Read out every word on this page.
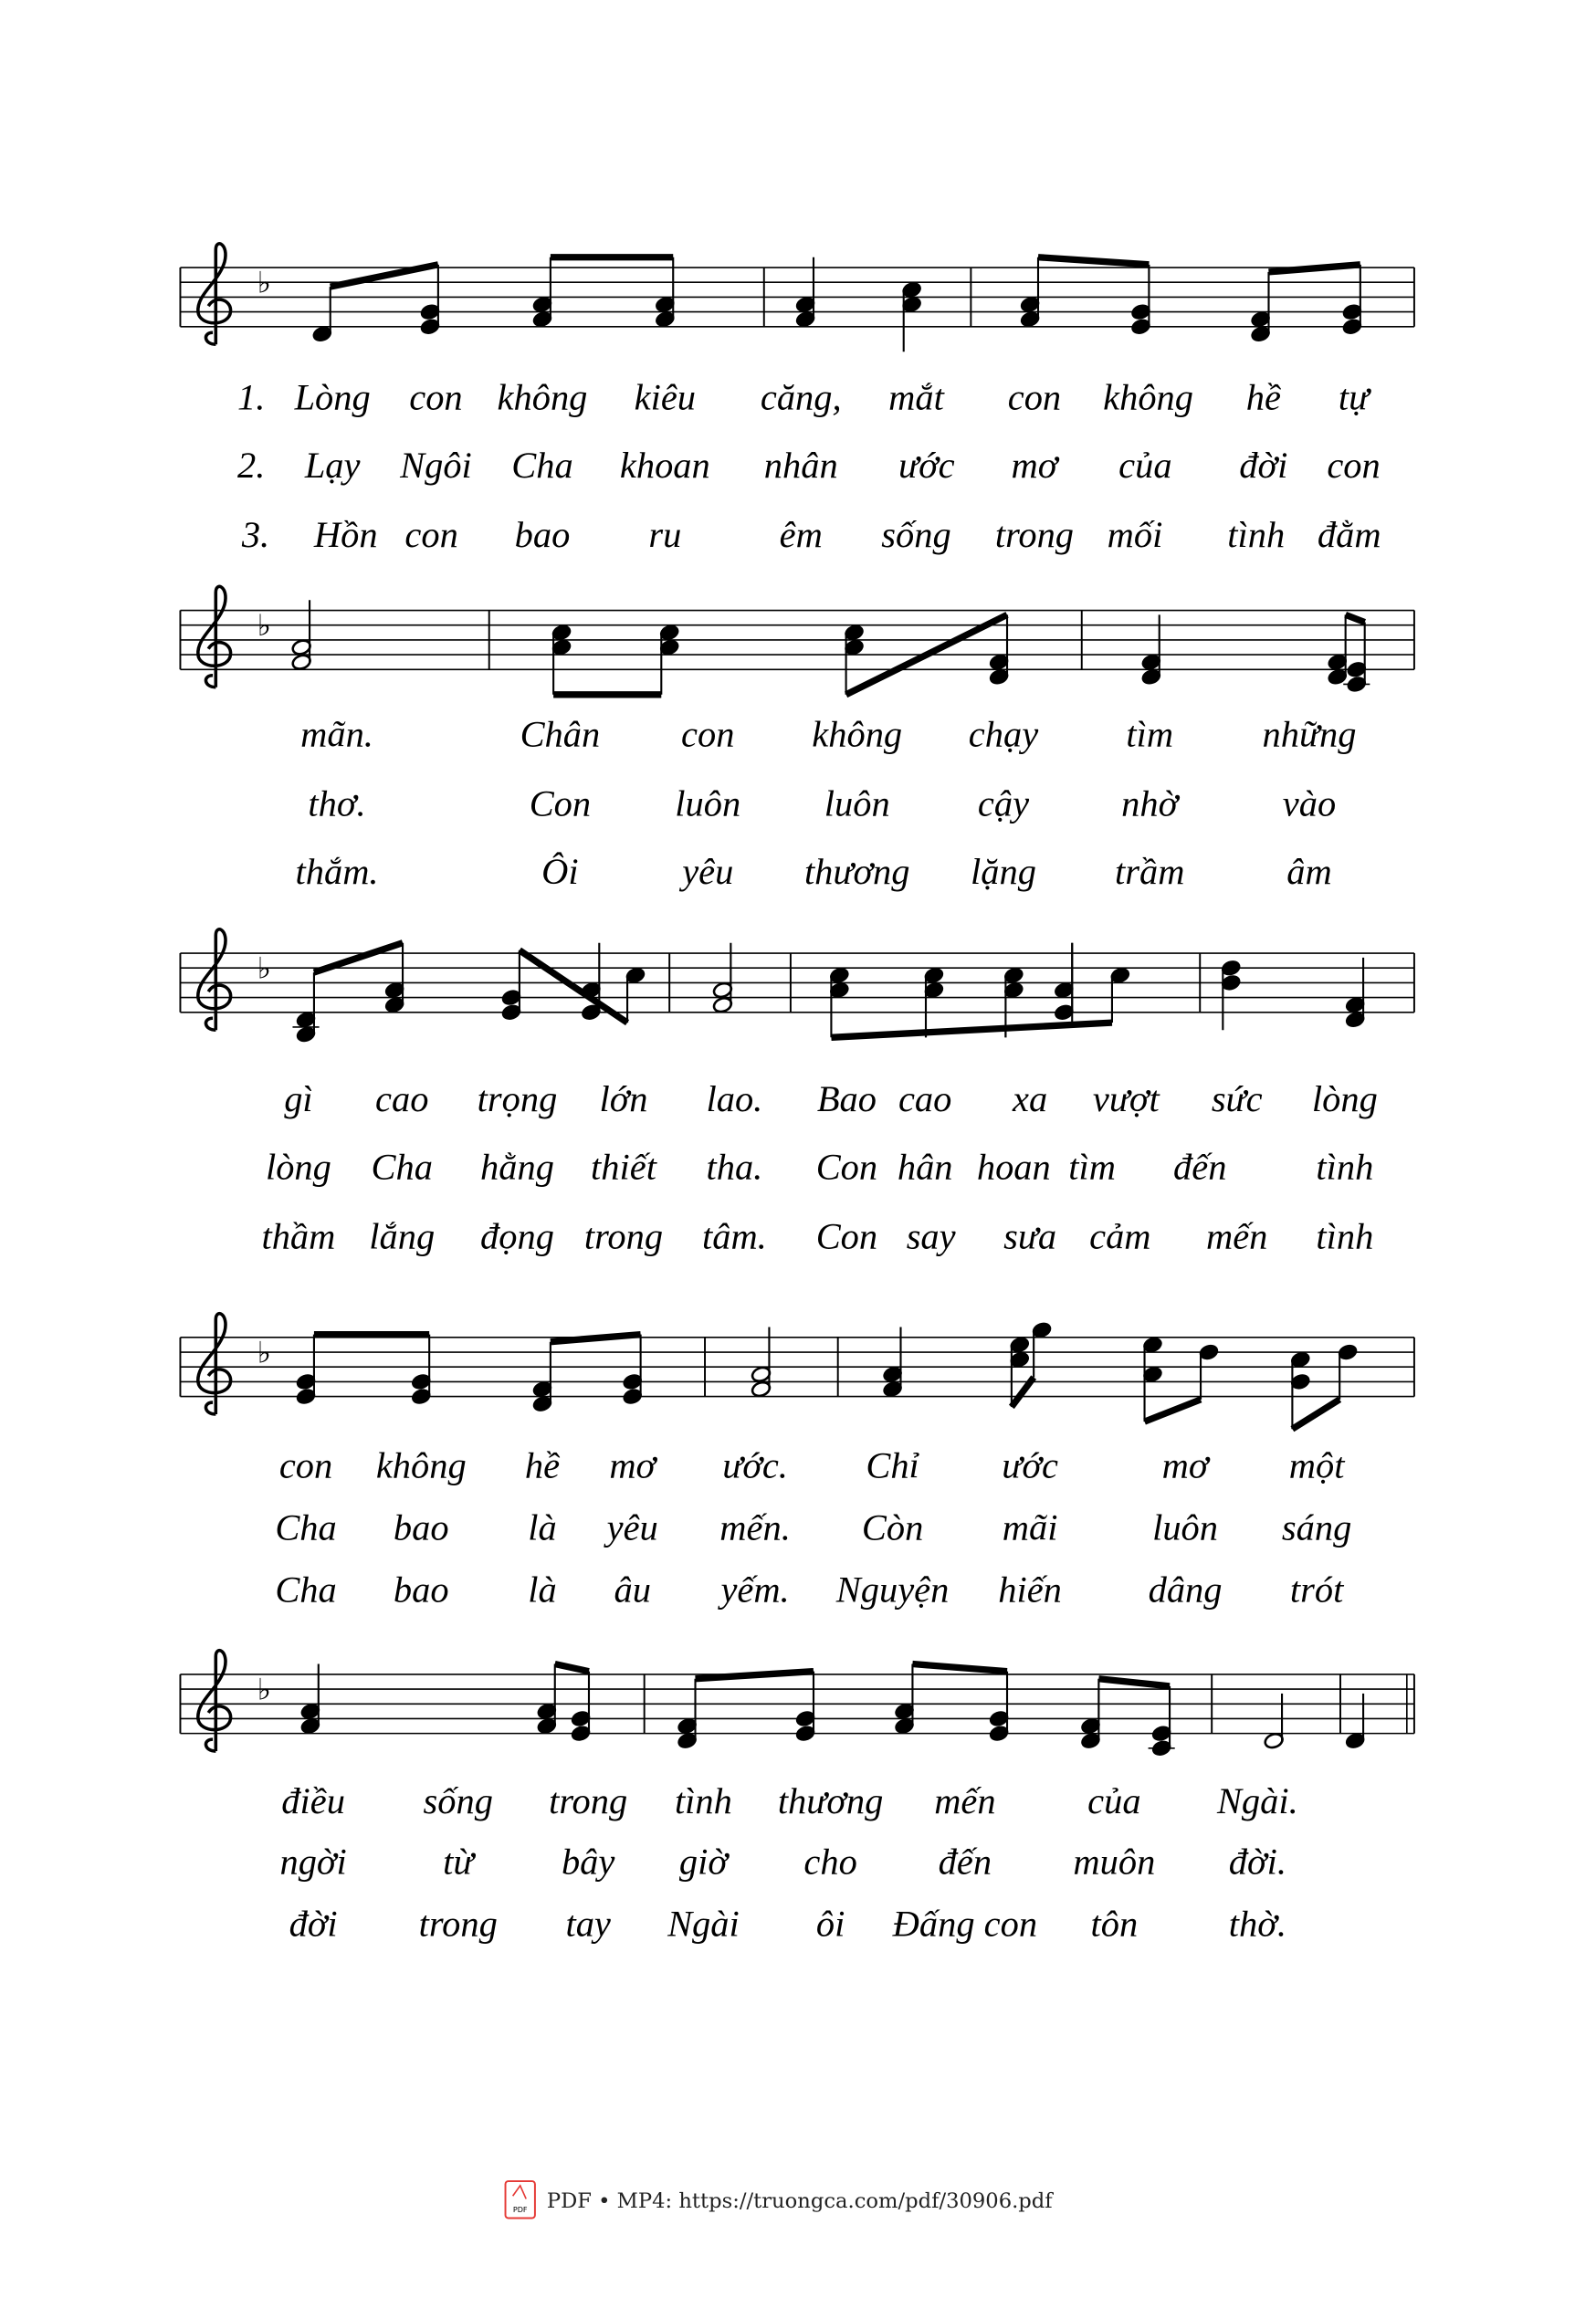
♭
1. Lòng con không kiêu	căng, mắt	con không hề	tự
2. Lạy Ngôi Cha khoan nhân	ước mơ	của	đời con
3. Hồn con bao	ru	êm	sống trong mối	tình đằm
♭
mãn.	Chân	con	không	chạy	tìm	những
thơ.	Con	luôn	luôn	cậy	nhờ	vào
thắm.	Ôi	yêu	thương	lặng	trầm	âm
♭
gì	cao trọng lớn	lao. Bao cao	xa vượt sức lòng
lòng Cha hằng thiết tha. Con hân hoan tìm	đến	tình
thầm lắng đọng trong tâm. Con say sưa cảm mến tình
♭
con không	hề mơ	ước.	Chỉ	ước	mơ	một
Cha bao	là yêu	mến.	Còn	mãi	luôn	sáng
Cha bao	là	âu	yếm. Nguyện hiến	dâng	trót
♭
điều	sống trong tình thương mến	của	Ngài.
ngời	từ	bây	giờ	cho	đến	muôn	đời.
đời	trong	tay Ngài	ôi Đấng con tôn	thờ.
PDF PDF • MP4: https://truongca.com/pdf/30906.pdf
